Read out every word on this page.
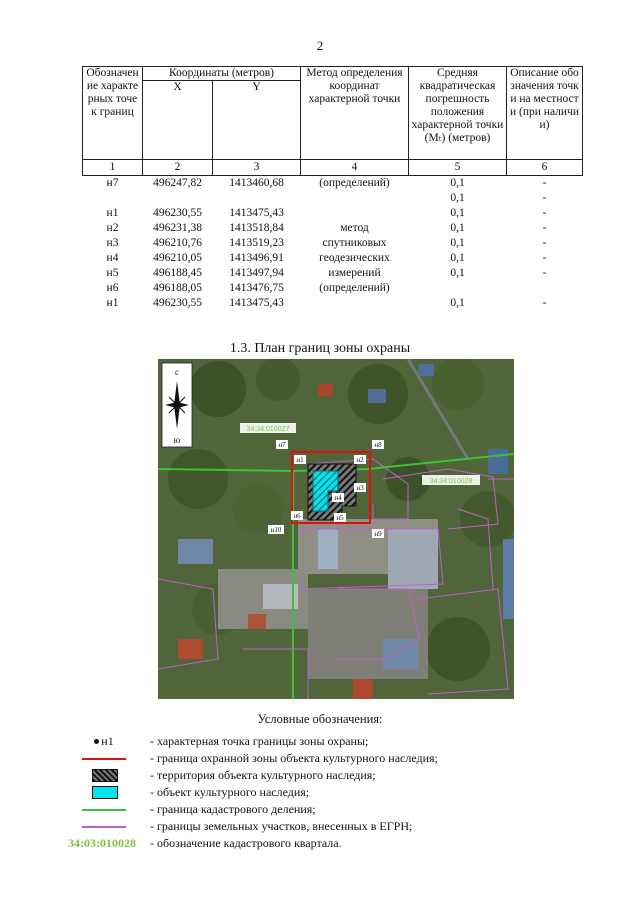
2
Обозначение характерных точек границ	Координаты (метров)		Метод определения координат характерной точки	Средняя квадратическая погрешность положения характерной точки (Mₜ) (метров)	Описание обозначения точки на местности (при наличии)
	X	Y			
1	2	3	4	5	6
н7	496247,82	1413460,68	(определений)	0,1	-
				0,1	-
н1	496230,55	1413475,43		0,1	-
н2	496231,38	1413518,84	метод	0,1	-
н3	496210,76	1413519,23	спутниковых	0,1	-
н4	496210,05	1413496,91	геодезических	0,1	-
н5	496188,45	1413497,94	измерений	0,1	-
н6	496188,05	1413476,75	(определений)		
н1	496230,55	1413475,43		0,1	-
1.3. План границ зоны охраны
с
ю
34:34:010027
34:34:010028
н1	н2
н3
н4
н5
н6
н7	н8
н9
н10
Условные обозначения:
н1	- характерная точка границы зоны охраны;
- граница охранной зоны объекта культурного наследия;
- территория объекта культурного наследия;
- объект культурного наследия;
- граница кадастрового деления;
- границы земельных участков, внесенных в ЕГРН;
34:03:010028 - обозначение кадастрового квартала.
